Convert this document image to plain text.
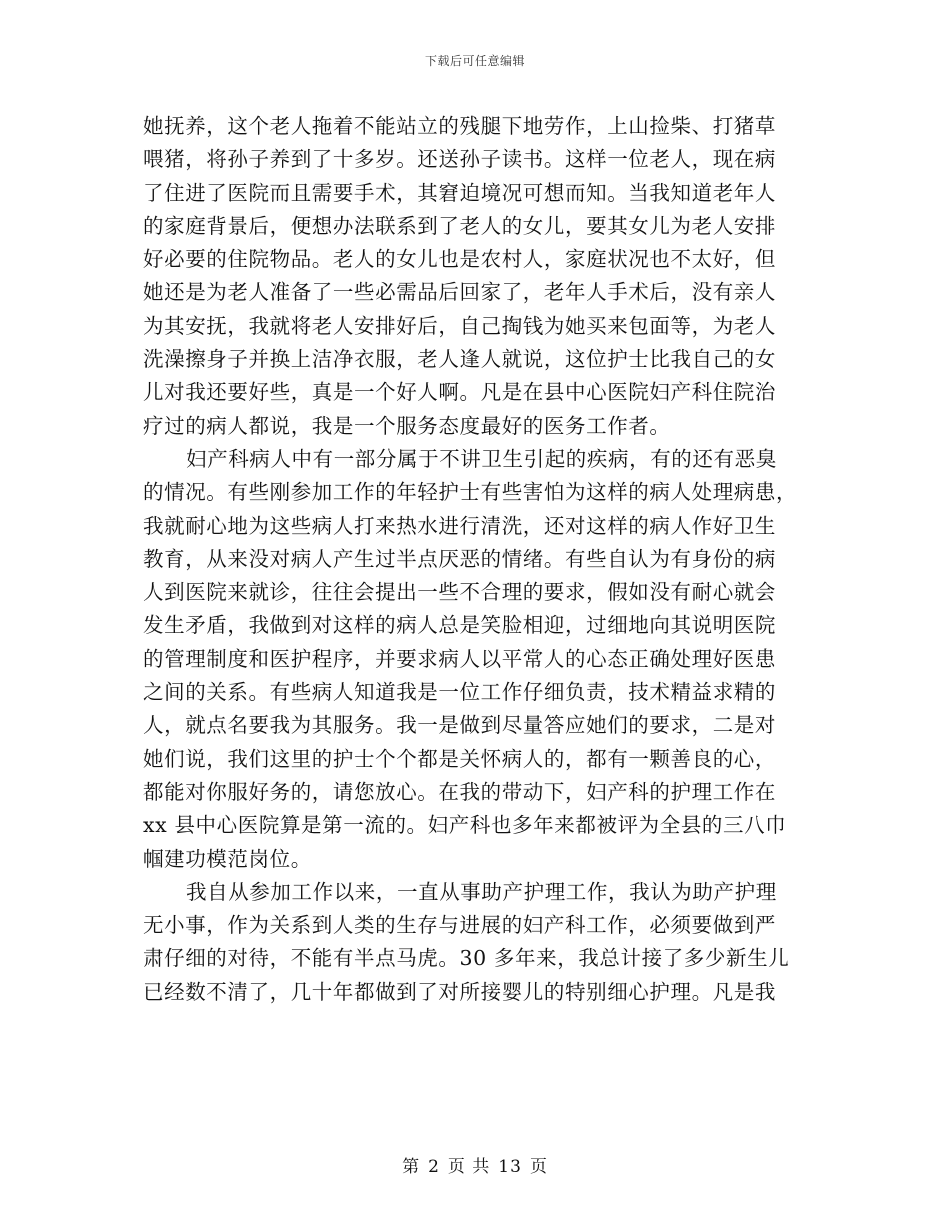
下载后可任意编辑
她抚养，这个老人拖着不能站立的残腿下地劳作，上山捡柴、打猪草
喂猪，将孙子养到了十多岁。还送孙子读书。这样一位老人，现在病
了住进了医院而且需要手术，其窘迫境况可想而知。当我知道老年人
的家庭背景后，便想办法联系到了老人的女儿，要其女儿为老人安排
好必要的住院物品。老人的女儿也是农村人，家庭状况也不太好，但
她还是为老人准备了一些必需品后回家了，老年人手术后，没有亲人
为其安抚，我就将老人安排好后，自己掏钱为她买来包面等，为老人
洗澡擦身子并换上洁净衣服，老人逢人就说，这位护士比我自己的女
儿对我还要好些，真是一个好人啊。凡是在县中心医院妇产科住院治
疗过的病人都说，我是一个服务态度最好的医务工作者。
妇产科病人中有一部分属于不讲卫生引起的疾病，有的还有恶臭
的情况。有些刚参加工作的年轻护士有些害怕为这样的病人处理病患，
我就耐心地为这些病人打来热水进行清洗，还对这样的病人作好卫生
教育，从来没对病人产生过半点厌恶的情绪。有些自认为有身份的病
人到医院来就诊，往往会提出一些不合理的要求，假如没有耐心就会
发生矛盾，我做到对这样的病人总是笑脸相迎，过细地向其说明医院
的管理制度和医护程序，并要求病人以平常人的心态正确处理好医患
之间的关系。有些病人知道我是一位工作仔细负责，技术精益求精的
人，就点名要我为其服务。我一是做到尽量答应她们的要求，二是对
她们说，我们这里的护士个个都是关怀病人的，都有一颗善良的心，
都能对你服好务的，请您放心。在我的带动下，妇产科的护理工作在
xx 县中心医院算是第一流的。妇产科也多年来都被评为全县的三八巾
帼建功模范岗位。
我自从参加工作以来，一直从事助产护理工作，我认为助产护理
无小事，作为关系到人类的生存与进展的妇产科工作，必须要做到严
肃仔细的对待，不能有半点马虎。30 多年来，我总计接了多少新生儿
已经数不清了，几十年都做到了对所接婴儿的特别细心护理。凡是我
第 2 页 共 13 页
